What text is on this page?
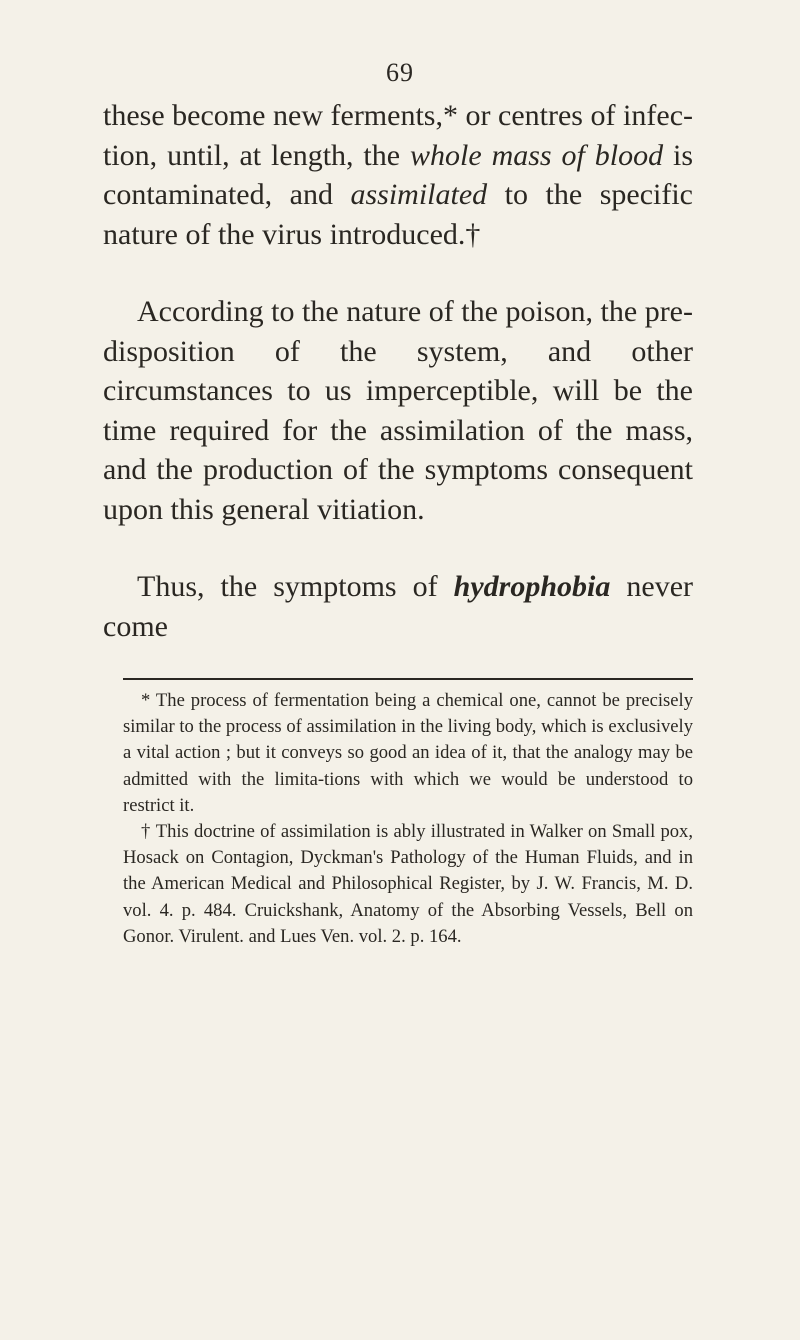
69

these become new ferments,* or centres of infec-tion, until, at length, the whole mass of blood is contaminated, and assimilated to the specific nature of the virus introduced.†

According to the nature of the poison, the pre-disposition of the system, and other circumstances to us imperceptible, will be the time required for the assimilation of the mass, and the production of the symptoms consequent upon this general vitiation.

Thus, the symptoms of hydrophobia never come

* The process of fermentation being a chemical one, cannot be precisely similar to the process of assimilation in the living body, which is exclusively a vital action ; but it conveys so good an idea of it, that the analogy may be admitted with the limita-tions with which we would be understood to restrict it.

† This doctrine of assimilation is ably illustrated in Walker on Small pox, Hosack on Contagion, Dyckman's Pathology of the Human Fluids, and in the American Medical and Philosophical Register, by J. W. Francis, M. D. vol. 4. p. 484. Cruickshank, Anatomy of the Absorbing Vessels, Bell on Gonor. Virulent. and Lues Ven. vol. 2. p. 164.
